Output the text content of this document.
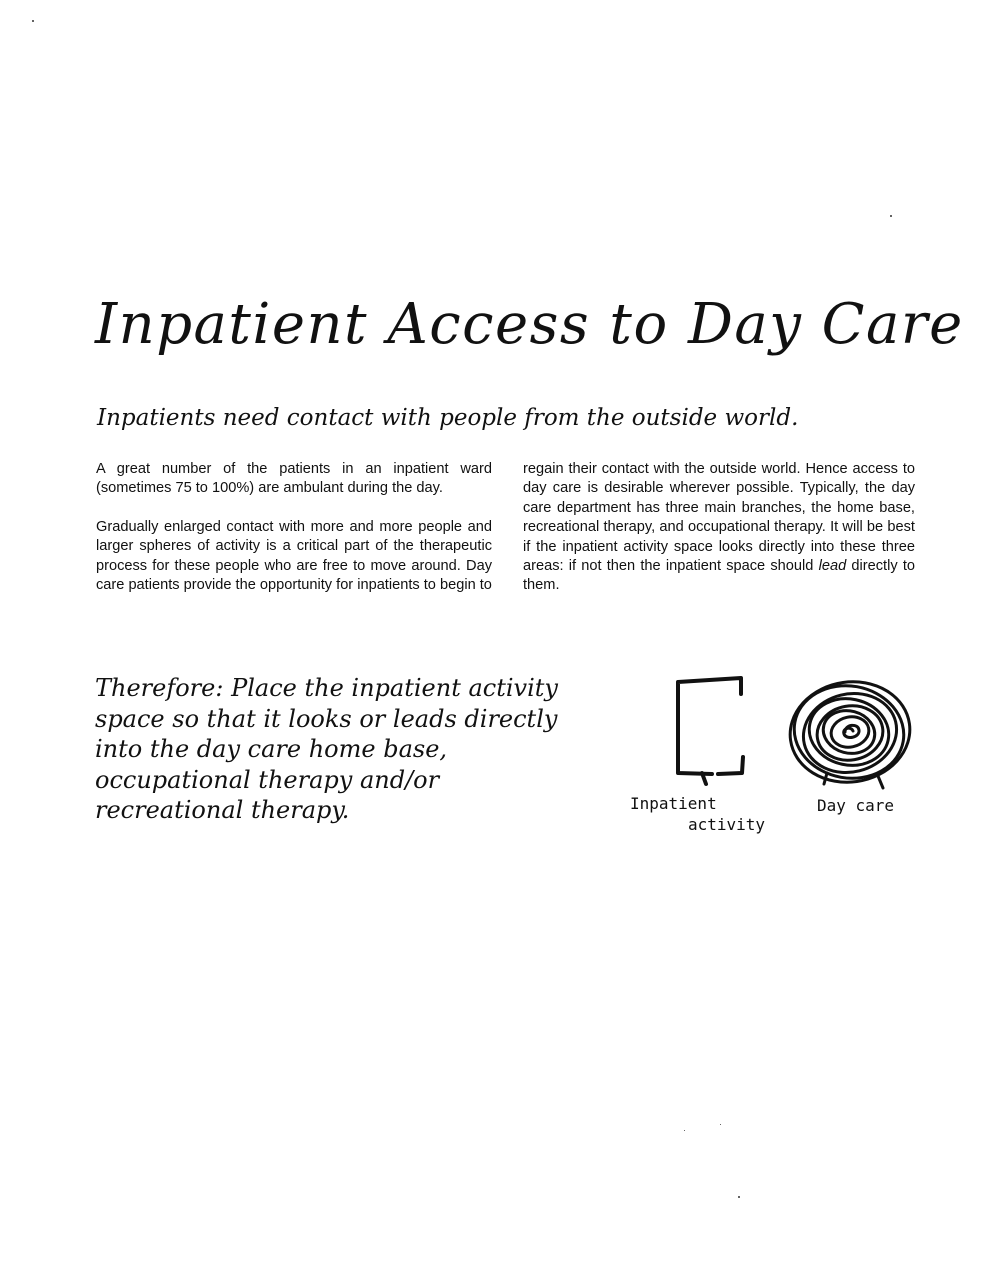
Inpatient Access to Day Care
Inpatients need contact with people from the outside world.

A great number of the patients in an inpatient ward (sometimes 75 to 100%) are ambulant during the day.

Gradually enlarged contact with more and more people and larger spheres of activity is a critical part of the therapeutic process for these people who are free to move around. Day care patients provide the opportunity for inpatients to begin to

regain their contact with the outside world. Hence access to day care is desirable wherever possible. Typically, the day care department has three main branches, the home base, recreational therapy, and occupational therapy. It will be best if the inpatient activity space looks directly into these three areas: if not then the inpatient space should lead directly to them.

Therefore: Place the inpatient activity space so that it looks or leads directly into the day care home base, occupational therapy and/or recreational therapy.	Inpatient
activity
Day care
